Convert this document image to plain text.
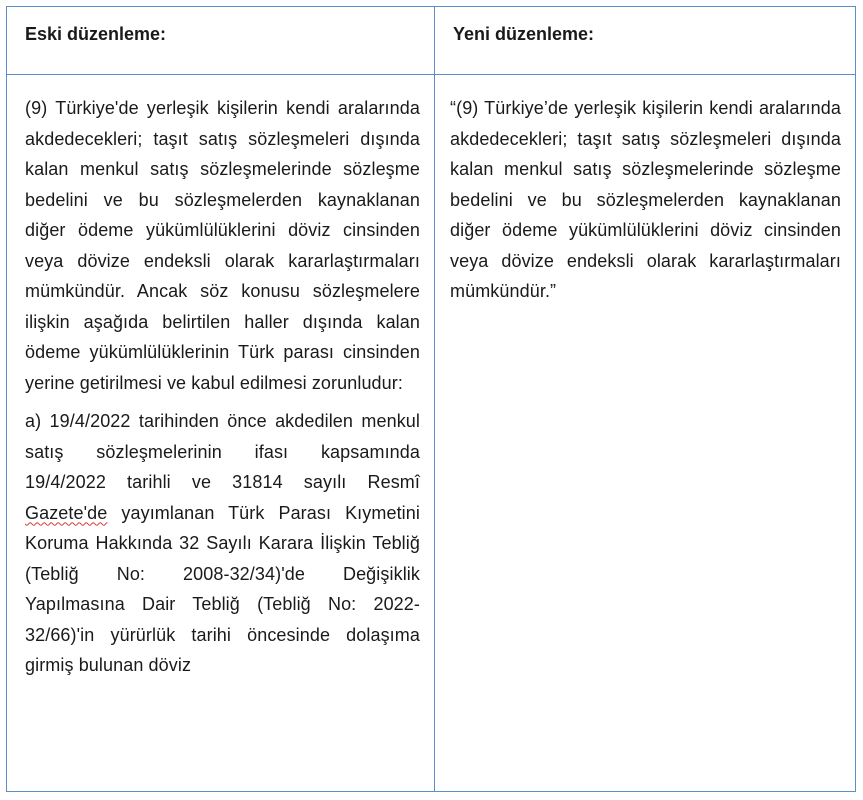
Eski düzenleme:	Yeni düzenleme:

(9) Türkiye'de yerleşik kişilerin kendi aralarında akdedecekleri; taşıt satış sözleşmeleri dışında kalan menkul satış sözleşmelerinde sözleşme bedelini ve bu sözleşmelerden kaynaklanan diğer ödeme yükümlülüklerini döviz cinsinden veya dövize endeksli olarak kararlaştırmaları mümkündür. Ancak söz konusu sözleşmelere ilişkin aşağıda belirtilen haller dışında kalan ödeme yükümlülüklerinin Türk parası cinsinden yerine getirilmesi ve kabul edilmesi zorunludur:

a) 19/4/2022 tarihinden önce akdedilen menkul satış sözleşmelerinin ifası kapsamında 19/4/2022 tarihli ve 31814 sayılı Resmî Gazete'de yayımlanan Türk Parası Kıymetini Koruma Hakkında 32 Sayılı Karara İlişkin Tebliğ (Tebliğ No: 2008-32/34)'de Değişiklik Yapılmasına Dair Tebliğ (Tebliğ No: 2022-32/66)'in yürürlük tarihi öncesinde dolaşıma girmiş bulunan döviz

“(9) Türkiye’de yerleşik kişilerin kendi aralarında akdedecekleri; taşıt satış sözleşmeleri dışında kalan menkul satış sözleşmelerinde sözleşme bedelini ve bu sözleşmelerden kaynaklanan diğer ödeme yükümlülüklerini döviz cinsinden veya dövize endeksli olarak kararlaştırmaları mümkündür.”
